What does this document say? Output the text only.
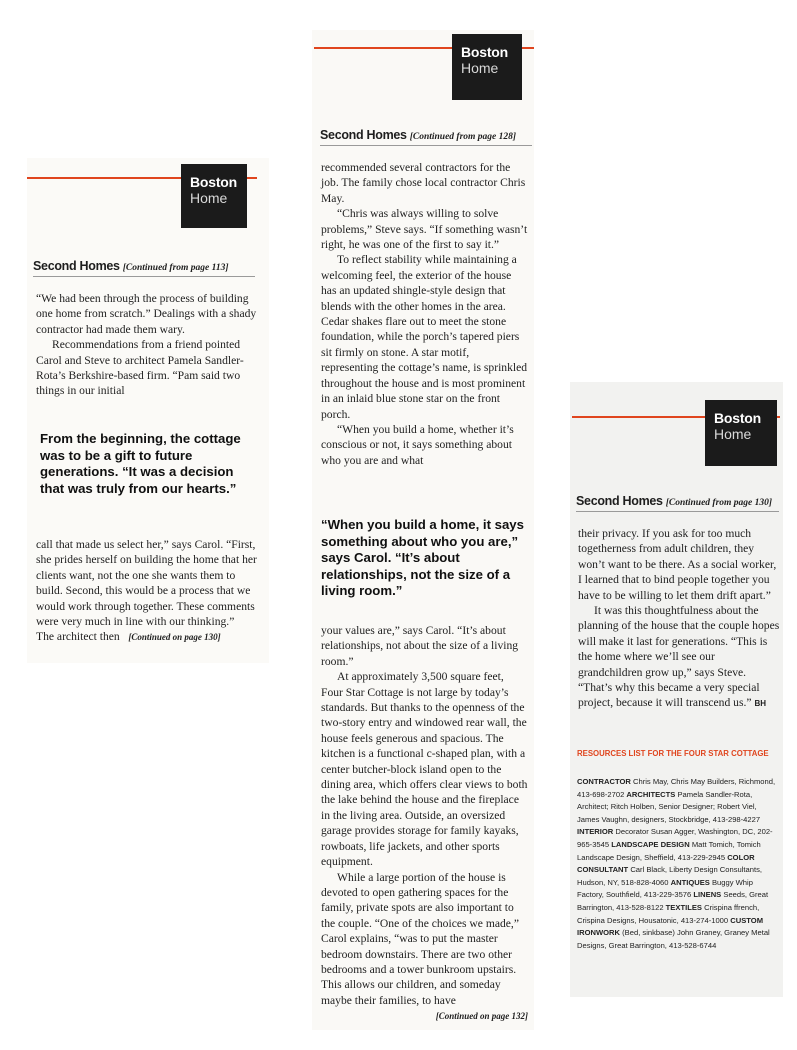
Boston
Home
Second Homes [Continued from page 113]

“We had been through the process of building one home from scratch.” Dealings with a shady contractor had made them wary.

Recommendations from a friend pointed Carol and Steve to architect Pamela Sandler-Rota’s Berkshire-based firm. “Pam said two things in our initial

From the beginning, the cottage was to be a gift to future generations. “It was a decision that was truly from our hearts.”

call that made us select her,” says Carol. “First, she prides herself on building the home that her clients want, not the one she wants them to build. Second, this would be a process that we would work through together. These comments were very much in line with our thinking.”

The architect then [Continued on page 130]

Boston
Home
Second Homes [Continued from page 128]

recommended several contractors for the job. The family chose local contractor Chris May.

“Chris was always willing to solve problems,” Steve says. “If something wasn’t right, he was one of the first to say it.”

To reflect stability while maintaining a welcoming feel, the exterior of the house has an updated shingle-style design that blends with the other homes in the area. Cedar shakes flare out to meet the stone foundation, while the porch’s tapered piers sit firmly on stone. A star motif, representing the cottage’s name, is sprinkled throughout the house and is most prominent in an inlaid blue stone star on the front porch.

“When you build a home, whether it’s conscious or not, it says something about who you are and what

“When you build a home, it says something about who you are,” says Carol. “It’s about relationships, not the size of a living room.”

your values are,” says Carol. “It’s about relationships, not about the size of a living room.”

At approximately 3,500 square feet, Four Star Cottage is not large by today’s standards. But thanks to the openness of the two-story entry and windowed rear wall, the house feels generous and spacious. The kitchen is a functional c-shaped plan, with a center butcher-block island open to the dining area, which offers clear views to both the lake behind the house and the fireplace in the living area. Outside, an oversized garage provides storage for family kayaks, rowboats, life jackets, and other sports equipment.

While a large portion of the house is devoted to open gathering spaces for the family, private spots are also important to the couple. “One of the choices we made,” Carol explains, “was to put the master bedroom downstairs. There are two other bedrooms and a tower bunkroom upstairs. This allows our children, and someday maybe their families, to have

[Continued on page 132]

Boston
Home
Second Homes [Continued from page 130]

their privacy. If you ask for too much togetherness from adult children, they won’t want to be there. As a social worker, I learned that to bind people together you have to be willing to let them drift apart.”

It was this thoughtfulness about the planning of the house that the couple hopes will make it last for generations. “This is the home where we’ll see our grandchildren grow up,” says Steve. “That’s why this became a very special project, because it will transcend us.” BH

RESOURCES LIST FOR THE FOUR STAR COTTAGE

CONTRACTOR Chris May, Chris May Builders, Richmond, 413-698-2702 ARCHITECTS Pamela Sandler-Rota, Architect; Ritch Holben, Senior Designer; Robert Viel, James Vaughn, designers, Stockbridge, 413-298-4227 INTERIOR Decorator Susan Agger, Washington, DC, 202-965-3545 LANDSCAPE DESIGN Matt Tomich, Tomich Landscape Design, Sheffield, 413-229-2945 COLOR CONSULTANT Carl Black, Liberty Design Consultants, Hudson, NY, 518-828-4060 ANTIQUES Buggy Whip Factory, Southfield, 413-229-3576 LINENS Seeds, Great Barrington, 413-528-8122 TEXTILES Crispina ffrench, Crispina Designs, Housatonic, 413-274-1000 CUSTOM IRONWORK (Bed, sinkbase) John Graney, Graney Metal Designs, Great Barrington, 413-528-6744
